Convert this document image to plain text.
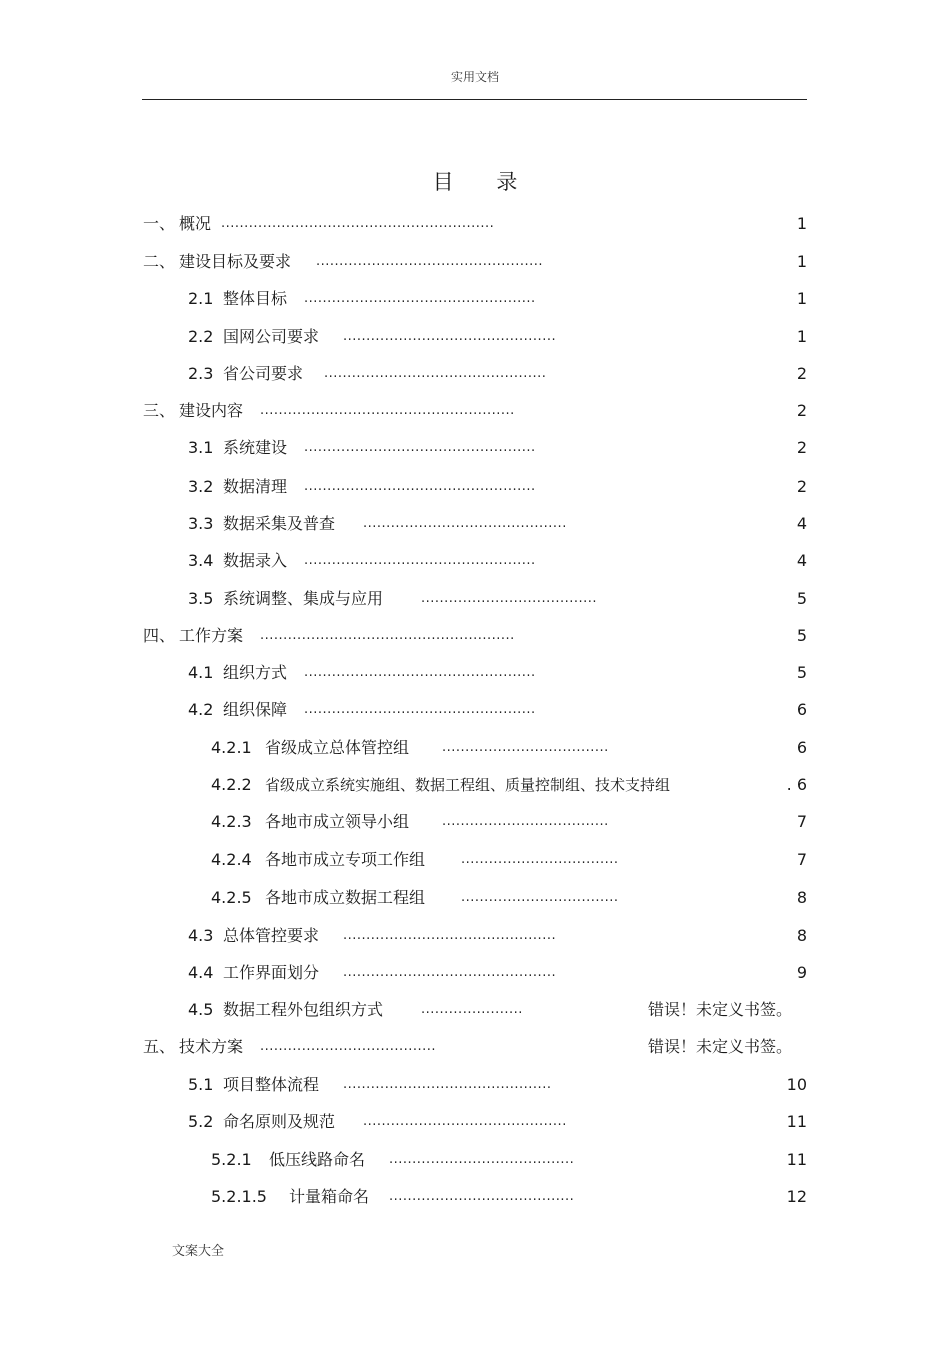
实用文档
目 录
一、 概况 ...........................................................	1
二、 建设目标及要求 .................................................	1
2.1 整体目标 ..................................................	1
2.2 国网公司要求 ..............................................	1
2.3 省公司要求 ................................................	2
三、 建设内容 .......................................................	2
3.1 系统建设 ..................................................	2
3.2 数据清理 ..................................................	2
3.3 数据采集及普查 ............................................	4
3.4 数据录入 ..................................................	4
3.5 系统调整、集成与应用	......................................	5
四、 工作方案 .......................................................	5
4.1 组织方式 ..................................................	5
4.2 组织保障 ..................................................	6
4.2.1 省级成立总体管控组	....................................	6
4.2.2 省级成立系统实施组、数据工程组、质量控制组、技术支持组	. 6
4.2.3 各地市成立领导小组	....................................	7
4.2.4 各地市成立专项工作组	..................................	7
4.2.5 各地市成立数据工程组	..................................	8
4.3 总体管控要求 ..............................................	8
4.4 工作界面划分 ..............................................	9
4.5 数据工程外包组织方式	......................	错误！未定义书签。
五、 技术方案 ......................................	错误！未定义书签。
5.1 项目整体流程 .............................................	10
5.2 命名原则及规范 ............................................	11
5.2.1 低压线路命名 ........................................	11
5.2.1.5 计量箱命名 ........................................	12
文案大全
